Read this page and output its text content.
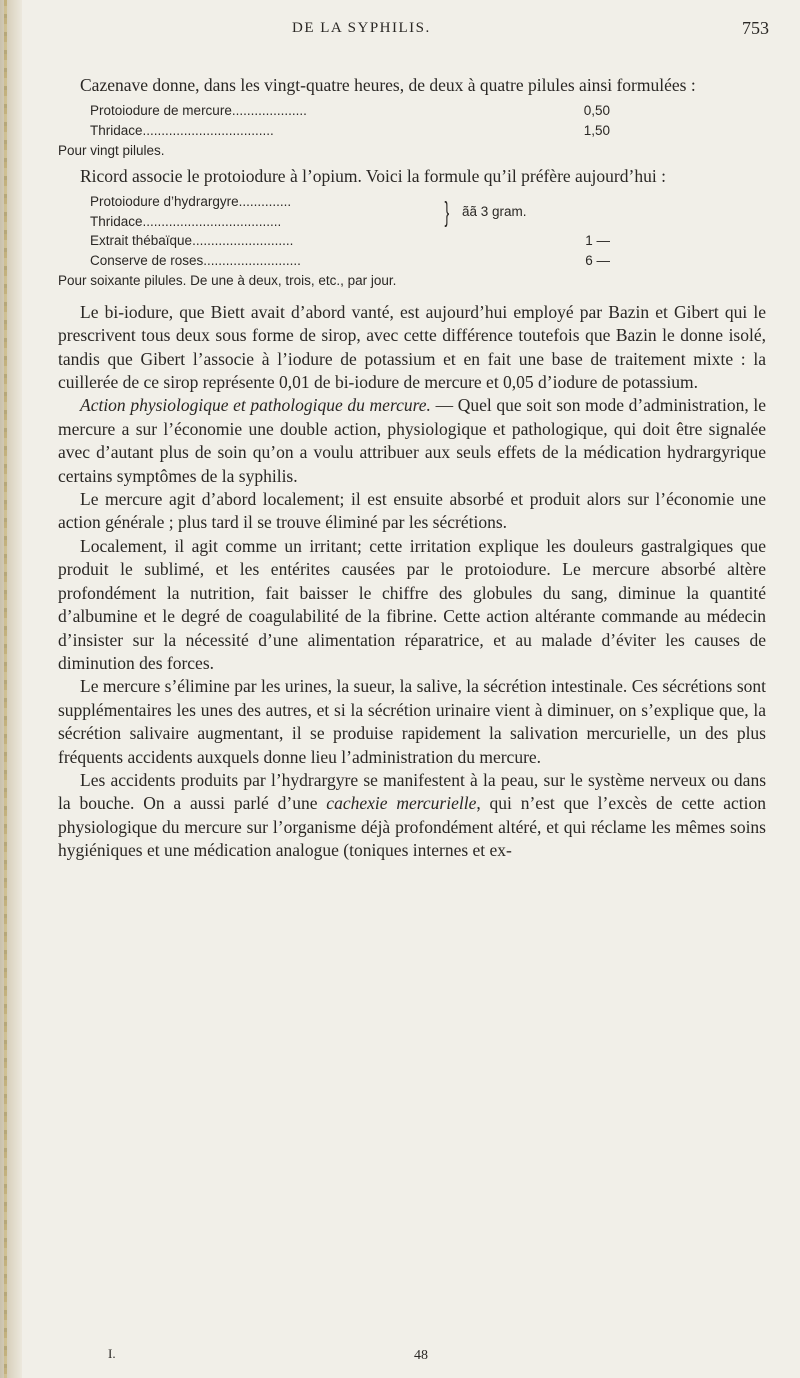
DE LA SYPHILIS.	753

Cazenave donne, dans les vingt-quatre heures, de deux à quatre pilules ainsi formulées :

Protoiodure de mercure....................	0,50
Thridace...................................	1,50
Pour vingt pilules.

Ricord associe le protoiodure à l’opium. Voici la formule qu’il préfère aujourd’hui :

Protoiodure d’hydrargyre..............
Thridace.....................................	} ãã 3 gram.
Extrait thébaïque...........................	1 —
Conserve de roses..........................	6 —
Pour soixante pilules. De une à deux, trois, etc., par jour.

Le bi-iodure, que Biett avait d’abord vanté, est aujourd’hui employé par Bazin et Gibert qui le prescrivent tous deux sous forme de sirop, avec cette différence toutefois que Bazin le donne isolé, tandis que Gibert l’associe à l’iodure de potassium et en fait une base de traitement mixte : la cuillerée de ce sirop représente 0,01 de bi-iodure de mercure et 0,05 d’iodure de potassium.

Action physiologique et pathologique du mercure. — Quel que soit son mode d’administration, le mercure a sur l’économie une double action, physiologique et pathologique, qui doit être signalée avec d’autant plus de soin qu’on a voulu attribuer aux seuls effets de la médication hydrargyrique certains symptômes de la syphilis.

Le mercure agit d’abord localement; il est ensuite absorbé et produit alors sur l’économie une action générale ; plus tard il se trouve éliminé par les sécrétions.

Localement, il agit comme un irritant; cette irritation explique les douleurs gastralgiques que produit le sublimé, et les entérites causées par le protoiodure. Le mercure absorbé altère profondément la nutrition, fait baisser le chiffre des globules du sang, diminue la quantité d’albumine et le degré de coagulabilité de la fibrine. Cette action altérante commande au médecin d’insister sur la nécessité d’une alimentation réparatrice, et au malade d’éviter les causes de diminution des forces.

Le mercure s’élimine par les urines, la sueur, la salive, la sécrétion intestinale. Ces sécrétions sont supplémentaires les unes des autres, et si la sécrétion urinaire vient à diminuer, on s’explique que, la sécrétion salivaire augmentant, il se produise rapidement la salivation mercurielle, un des plus fréquents accidents auxquels donne lieu l’administration du mercure.

Les accidents produits par l’hydrargyre se manifestent à la peau, sur le système nerveux ou dans la bouche. On a aussi parlé d’une cachexie mercurielle, qui n’est que l’excès de cette action physiologique du mercure sur l’organisme déjà profondément altéré, et qui réclame les mêmes soins hygiéniques et une médication analogue (toniques internes et ex-

I.	48
